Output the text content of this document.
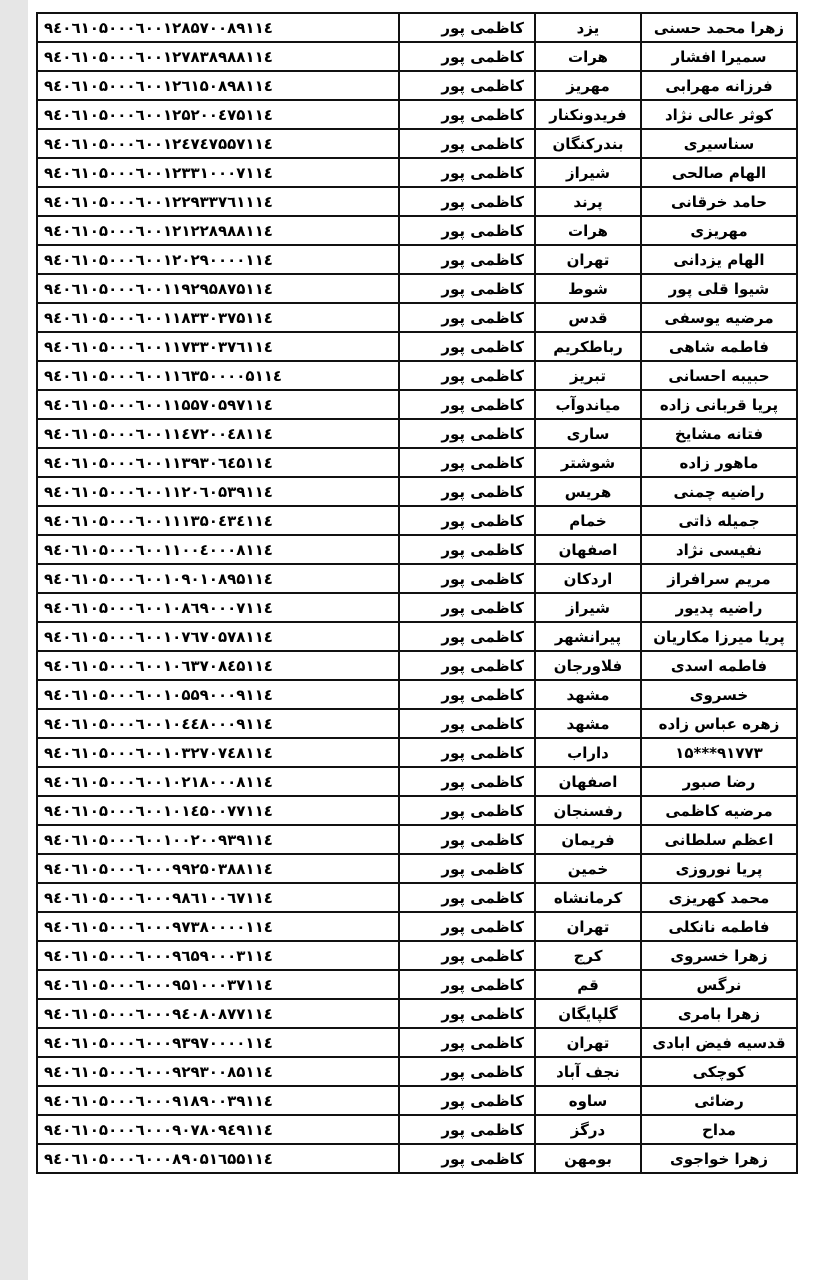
زهرا محمد حسنی	یزد	کاظمی پور	۹٤۰٦۱۰۵۰۰۰٦۰۰۱۲۸۵۷۰۰۸۹۱۱٤
سمیرا افشار	هرات	کاظمی پور	۹٤۰٦۱۰۵۰۰۰٦۰۰۱۲۷۸۳۸۹۸۸۱۱٤
فرزانه مهرابی	مهریز	کاظمی پور	۹٤۰٦۱۰۵۰۰۰٦۰۰۱۲٦۱۵۰۸۹۸۱۱٤
کوثر عالی نژاد	فریدونکنار	کاظمی پور	۹٤۰٦۱۰۵۰۰۰٦۰۰۱۲۵۲۰۰٤۷۵۱۱٤
سناسیری	بندرکنگان	کاظمی پور	۹٤۰٦۱۰۵۰۰۰٦۰۰۱۲٤۷٤۷۵۵۷۱۱٤
الهام صالحی	شیراز	کاظمی پور	۹٤۰٦۱۰۵۰۰۰٦۰۰۱۲۳۳۱۰۰۰۷۱۱٤
حامد خرقانی	پرند	کاظمی پور	۹٤۰٦۱۰۵۰۰۰٦۰۰۱۲۲۹۳۳۷٦۱۱۱٤
مهریزی	هرات	کاظمی پور	۹٤۰٦۱۰۵۰۰۰٦۰۰۱۲۱۲۲۸۹۸۸۱۱٤
الهام یزدانی	تهران	کاظمی پور	۹٤۰٦۱۰۵۰۰۰٦۰۰۱۲۰۲۹۰۰۰۰۱۱٤
شیوا قلی پور	شوط	کاظمی پور	۹٤۰٦۱۰۵۰۰۰٦۰۰۱۱۹۲۹۵۸۷۵۱۱٤
مرضیه یوسفی	قدس	کاظمی پور	۹٤۰٦۱۰۵۰۰۰٦۰۰۱۱۸۳۳۰۳۷۵۱۱٤
فاطمه شاهی	رباطکریم	کاظمی پور	۹٤۰٦۱۰۵۰۰۰٦۰۰۱۱۷۳۳۰۳۷٦۱۱٤
حبیبه احسانی	تبریز	کاظمی پور	۹٤۰٦۱۰۵۰۰۰٦۰۰۱۱٦۳۵۰۰۰۰۵۱۱٤
پریا قربانی زاده	میاندوآب	کاظمی پور	۹٤۰٦۱۰۵۰۰۰٦۰۰۱۱۵۵۷۰۵۹۷۱۱٤
فتانه مشایخ	ساری	کاظمی پور	۹٤۰٦۱۰۵۰۰۰٦۰۰۱۱٤۷۲۰۰٤۸۱۱٤
ماهور زاده	شوشتر	کاظمی پور	۹٤۰٦۱۰۵۰۰۰٦۰۰۱۱۳۹۳۰٦٤۵۱۱٤
راضیه چمنی	هریس	کاظمی پور	۹٤۰٦۱۰۵۰۰۰٦۰۰۱۱۲۰٦۰۵۳۹۱۱٤
جمیله ذاتی	خمام	کاظمی پور	۹٤۰٦۱۰۵۰۰۰٦۰۰۱۱۱۳۵۰٤۳٤۱۱٤
نفیسی نژاد	اصفهان	کاظمی پور	۹٤۰٦۱۰۵۰۰۰٦۰۰۱۱۰۰٤۰۰۰۸۱۱٤
مریم سرافراز	اردکان	کاظمی پور	۹٤۰٦۱۰۵۰۰۰٦۰۰۱۰۹۰۱۰۸۹۵۱۱٤
راضیه پدیور	شیراز	کاظمی پور	۹٤۰٦۱۰۵۰۰۰٦۰۰۱۰۸٦۹۰۰۰۷۱۱٤
پریا میرزا مکاریان	پیرانشهر	کاظمی پور	۹٤۰٦۱۰۵۰۰۰٦۰۰۱۰۷٦۷۰۵۷۸۱۱٤
فاطمه اسدی	فلاورجان	کاظمی پور	۹٤۰٦۱۰۵۰۰۰٦۰۰۱۰٦۳۷۰۸٤۵۱۱٤
خسروی	مشهد	کاظمی پور	۹٤۰٦۱۰۵۰۰۰٦۰۰۱۰۵۵۹۰۰۰۹۱۱٤
زهره عباس زاده	مشهد	کاظمی پور	۹٤۰٦۱۰۵۰۰۰٦۰۰۱۰٤٤۸۰۰۰۹۱۱٤
۹۱۷۷۳***۱۵	داراب	کاظمی پور	۹٤۰٦۱۰۵۰۰۰٦۰۰۱۰۳۲۷۰۷٤۸۱۱٤
رضا صبور	اصفهان	کاظمی پور	۹٤۰٦۱۰۵۰۰۰٦۰۰۱۰۲۱۸۰۰۰۸۱۱٤
مرضیه کاظمی	رفسنجان	کاظمی پور	۹٤۰٦۱۰۵۰۰۰٦۰۰۱۰۱٤۵۰۰۷۷۱۱٤
اعظم سلطانی	فریمان	کاظمی پور	۹٤۰٦۱۰۵۰۰۰٦۰۰۱۰۰۲۰۰۹۳۹۱۱٤
پریا نوروزی	خمین	کاظمی پور	۹٤۰٦۱۰۵۰۰۰٦۰۰۰۹۹۲۵۰۳۸۸۱۱٤
محمد کهریزی	کرمانشاه	کاظمی پور	۹٤۰٦۱۰۵۰۰۰٦۰۰۰۹۸٦۱۰۰٦۷۱۱٤
فاطمه نانکلی	تهران	کاظمی پور	۹٤۰٦۱۰۵۰۰۰٦۰۰۰۹۷۳۸۰۰۰۰۱۱٤
زهرا خسروی	کرج	کاظمی پور	۹٤۰٦۱۰۵۰۰۰٦۰۰۰۹٦۵۹۰۰۰۳۱۱٤
نرگس	قم	کاظمی پور	۹٤۰٦۱۰۵۰۰۰٦۰۰۰۹۵۱۰۰۰۳۷۱۱٤
زهرا بامری	گلپایگان	کاظمی پور	۹٤۰٦۱۰۵۰۰۰٦۰۰۰۹٤۰۸۰۸۷۷۱۱٤
قدسیه فیض ابادی	تهران	کاظمی پور	۹٤۰٦۱۰۵۰۰۰٦۰۰۰۹۳۹۷۰۰۰۰۱۱٤
کوچکی	نجف آباد	کاظمی پور	۹٤۰٦۱۰۵۰۰۰٦۰۰۰۹۲۹۳۰۰۸۵۱۱٤
رضائی	ساوه	کاظمی پور	۹٤۰٦۱۰۵۰۰۰٦۰۰۰۹۱۸۹۰۰۳۹۱۱٤
مداح	درگز	کاظمی پور	۹٤۰٦۱۰۵۰۰۰٦۰۰۰۹۰۷۸۰۹٤۹۱۱٤
زهرا خواجوی	بومهن	کاظمی پور	۹٤۰٦۱۰۵۰۰۰٦۰۰۰۸۹۰۵۱٦۵۵۱۱٤
